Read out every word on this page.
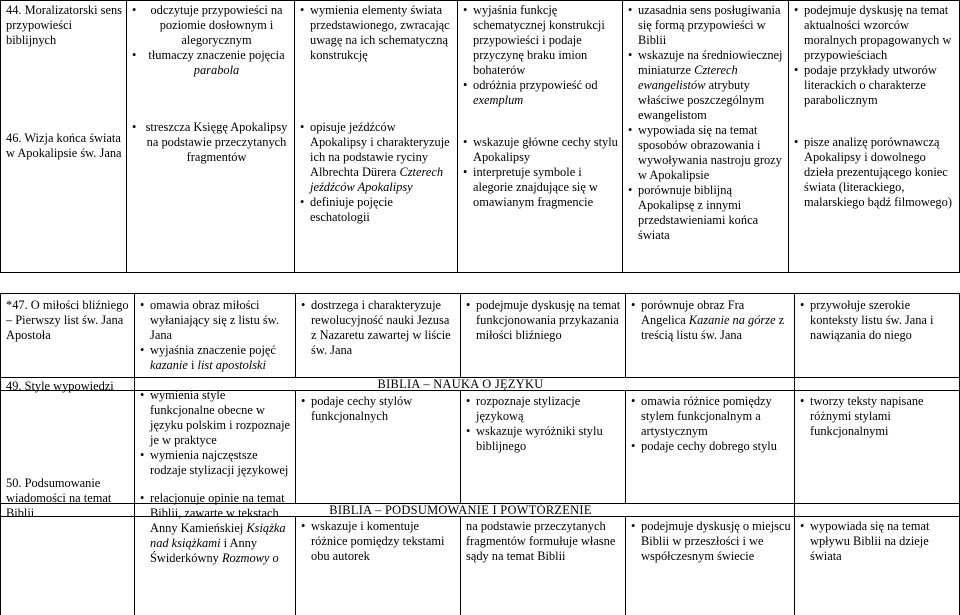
44. Moralizatorski sens przypowieści biblijnych
46. Wizja końca świata w Apokalipsie św. Jana
• odczytuje przypowieści na poziomie dosłownym i alegorycznym
• tłumaczy znaczenie pojęcia parabola
• streszcza Księgę Apokalipsy na podstawie przeczytanych fragmentów
• wymienia elementy świata przedstawionego, zwracając uwagę na ich schematyczną konstrukcję
• opisuje jeźdźców Apokalipsy i charakteryzuje ich na podstawie ryciny Albrechta Dürera Czterech jeźdźców Apokalipsy
• definiuje pojęcie eschatologii
• wyjaśnia funkcję schematycznej konstrukcji przypowieści i podaje przyczynę braku imion bohaterów
• odróżnia przypowieść od exemplum
• wskazuje główne cechy stylu Apokalipsy
• interpretuje symbole i alegorie znajdujące się w omawianym fragmencie
• uzasadnia sens posługiwania się formą przypowieści w Biblii
• wskazuje na średniowiecznej miniaturze Czterech ewangelistów atrybuty właściwe poszczególnym ewangelistom
• wypowiada się na temat sposobów obrazowania i wywoływania nastroju grozy w Apokalipsie
• porównuje biblijną Apokalipsę z innymi przedstawieniami końca świata
• podejmuje dyskusję na temat aktualności wzorców moralnych propagowanych w przypowieściach
• podaje przykłady utworów literackich o charakterze parabolicznym
• pisze analizę porównawczą Apokalipsy i dowolnego dzieła prezentującego koniec świata (literackiego, malarskiego bądź filmowego)
*47. O miłości bliźniego – Pierwszy list św. Jana Apostoła
49. Style wypowiedzi
50. Podsumowanie wiadomości na temat Biblii
• omawia obraz miłości wyłaniający się z listu św. Jana
• wyjaśnia znaczenie pojęć kazanie i list apostolski
• wymienia style funkcjonalne obecne w języku polskim i rozpoznaje je w praktyce
• wymienia najczęstsze rodzaje stylizacji językowej
• relacjonuje opinie na temat Biblii, zawarte w tekstach Anny Kamieńskiej Książka nad książkami i Anny Świderkówny Rozmowy o
• dostrzega i charakteryzuje rewolucyjność nauki Jezusa z Nazaretu zawartej w liście św. Jana
• podejmuje dyskusję na temat funkcjonowania przykazania miłości bliźniego
• porównuje obraz Fra Angelica Kazanie na górze z treścią listu św. Jana
• przywołuje szerokie konteksty listu św. Jana i nawiązania do niego
BIBLIA – NAUKA O JĘZYKU
• podaje cechy stylów funkcjonalnych
• rozpoznaje stylizacje językową
• wskazuje wyróżniki stylu biblijnego
• omawia różnice pomiędzy stylem funkcjonalnym a artystycznym
• podaje cechy dobrego stylu
• tworzy teksty napisane różnymi stylami funkcjonalnymi
BIBLIA – PODSUMOWANIE I POWTÓRZENIE
• wskazuje i komentuje różnice pomiędzy tekstami obu autorek
na podstawie przeczytanych fragmentów formułuje własne sądy na temat Biblii
• podejmuje dyskusję o miejscu Biblii w przeszłości i we współczesnym świecie
• wypowiada się na temat wpływu Biblii na dzieje świata
